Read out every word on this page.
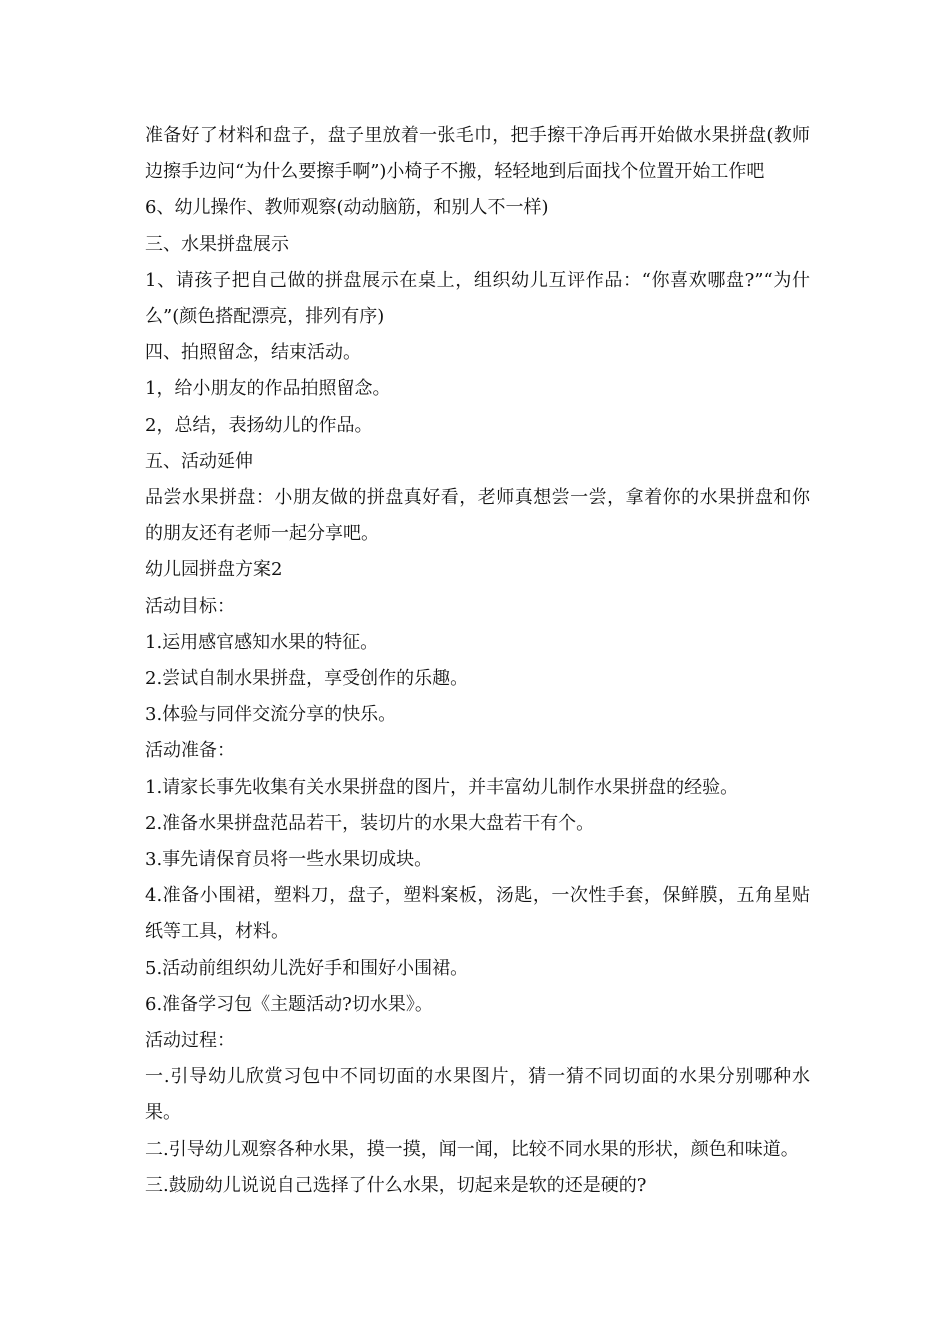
准备好了材料和盘子，盘子里放着一张毛巾，把手擦干净后再开始做水果拼盘(教师边擦手边问“为什么要擦手啊”)小椅子不搬，轻轻地到后面找个位置开始工作吧

6、幼儿操作、教师观察(动动脑筋，和别人不一样)

三、水果拼盘展示

1、请孩子把自己做的拼盘展示在桌上，组织幼儿互评作品：“你喜欢哪盘?”“为什么”(颜色搭配漂亮，排列有序)

四、拍照留念，结束活动。

1，给小朋友的作品拍照留念。

2，总结，表扬幼儿的作品。

五、活动延伸

品尝水果拼盘：小朋友做的拼盘真好看，老师真想尝一尝，拿着你的水果拼盘和你的朋友还有老师一起分享吧。

幼儿园拼盘方案2

活动目标：

1.运用感官感知水果的特征。

2.尝试自制水果拼盘，享受创作的乐趣。

3.体验与同伴交流分享的快乐。

活动准备：

1.请家长事先收集有关水果拼盘的图片，并丰富幼儿制作水果拼盘的经验。

2.准备水果拼盘范品若干，装切片的水果大盘若干有个。

3.事先请保育员将一些水果切成块。

4.准备小围裙，塑料刀，盘子，塑料案板，汤匙，一次性手套，保鲜膜，五角星贴纸等工具，材料。

5.活动前组织幼儿洗好手和围好小围裙。

6.准备学习包《主题活动?切水果》。

活动过程：

一.引导幼儿欣赏习包中不同切面的水果图片，猜一猜不同切面的水果分别哪种水果。

二.引导幼儿观察各种水果，摸一摸，闻一闻，比较不同水果的形状，颜色和味道。

三.鼓励幼儿说说自己选择了什么水果，切起来是软的还是硬的?
